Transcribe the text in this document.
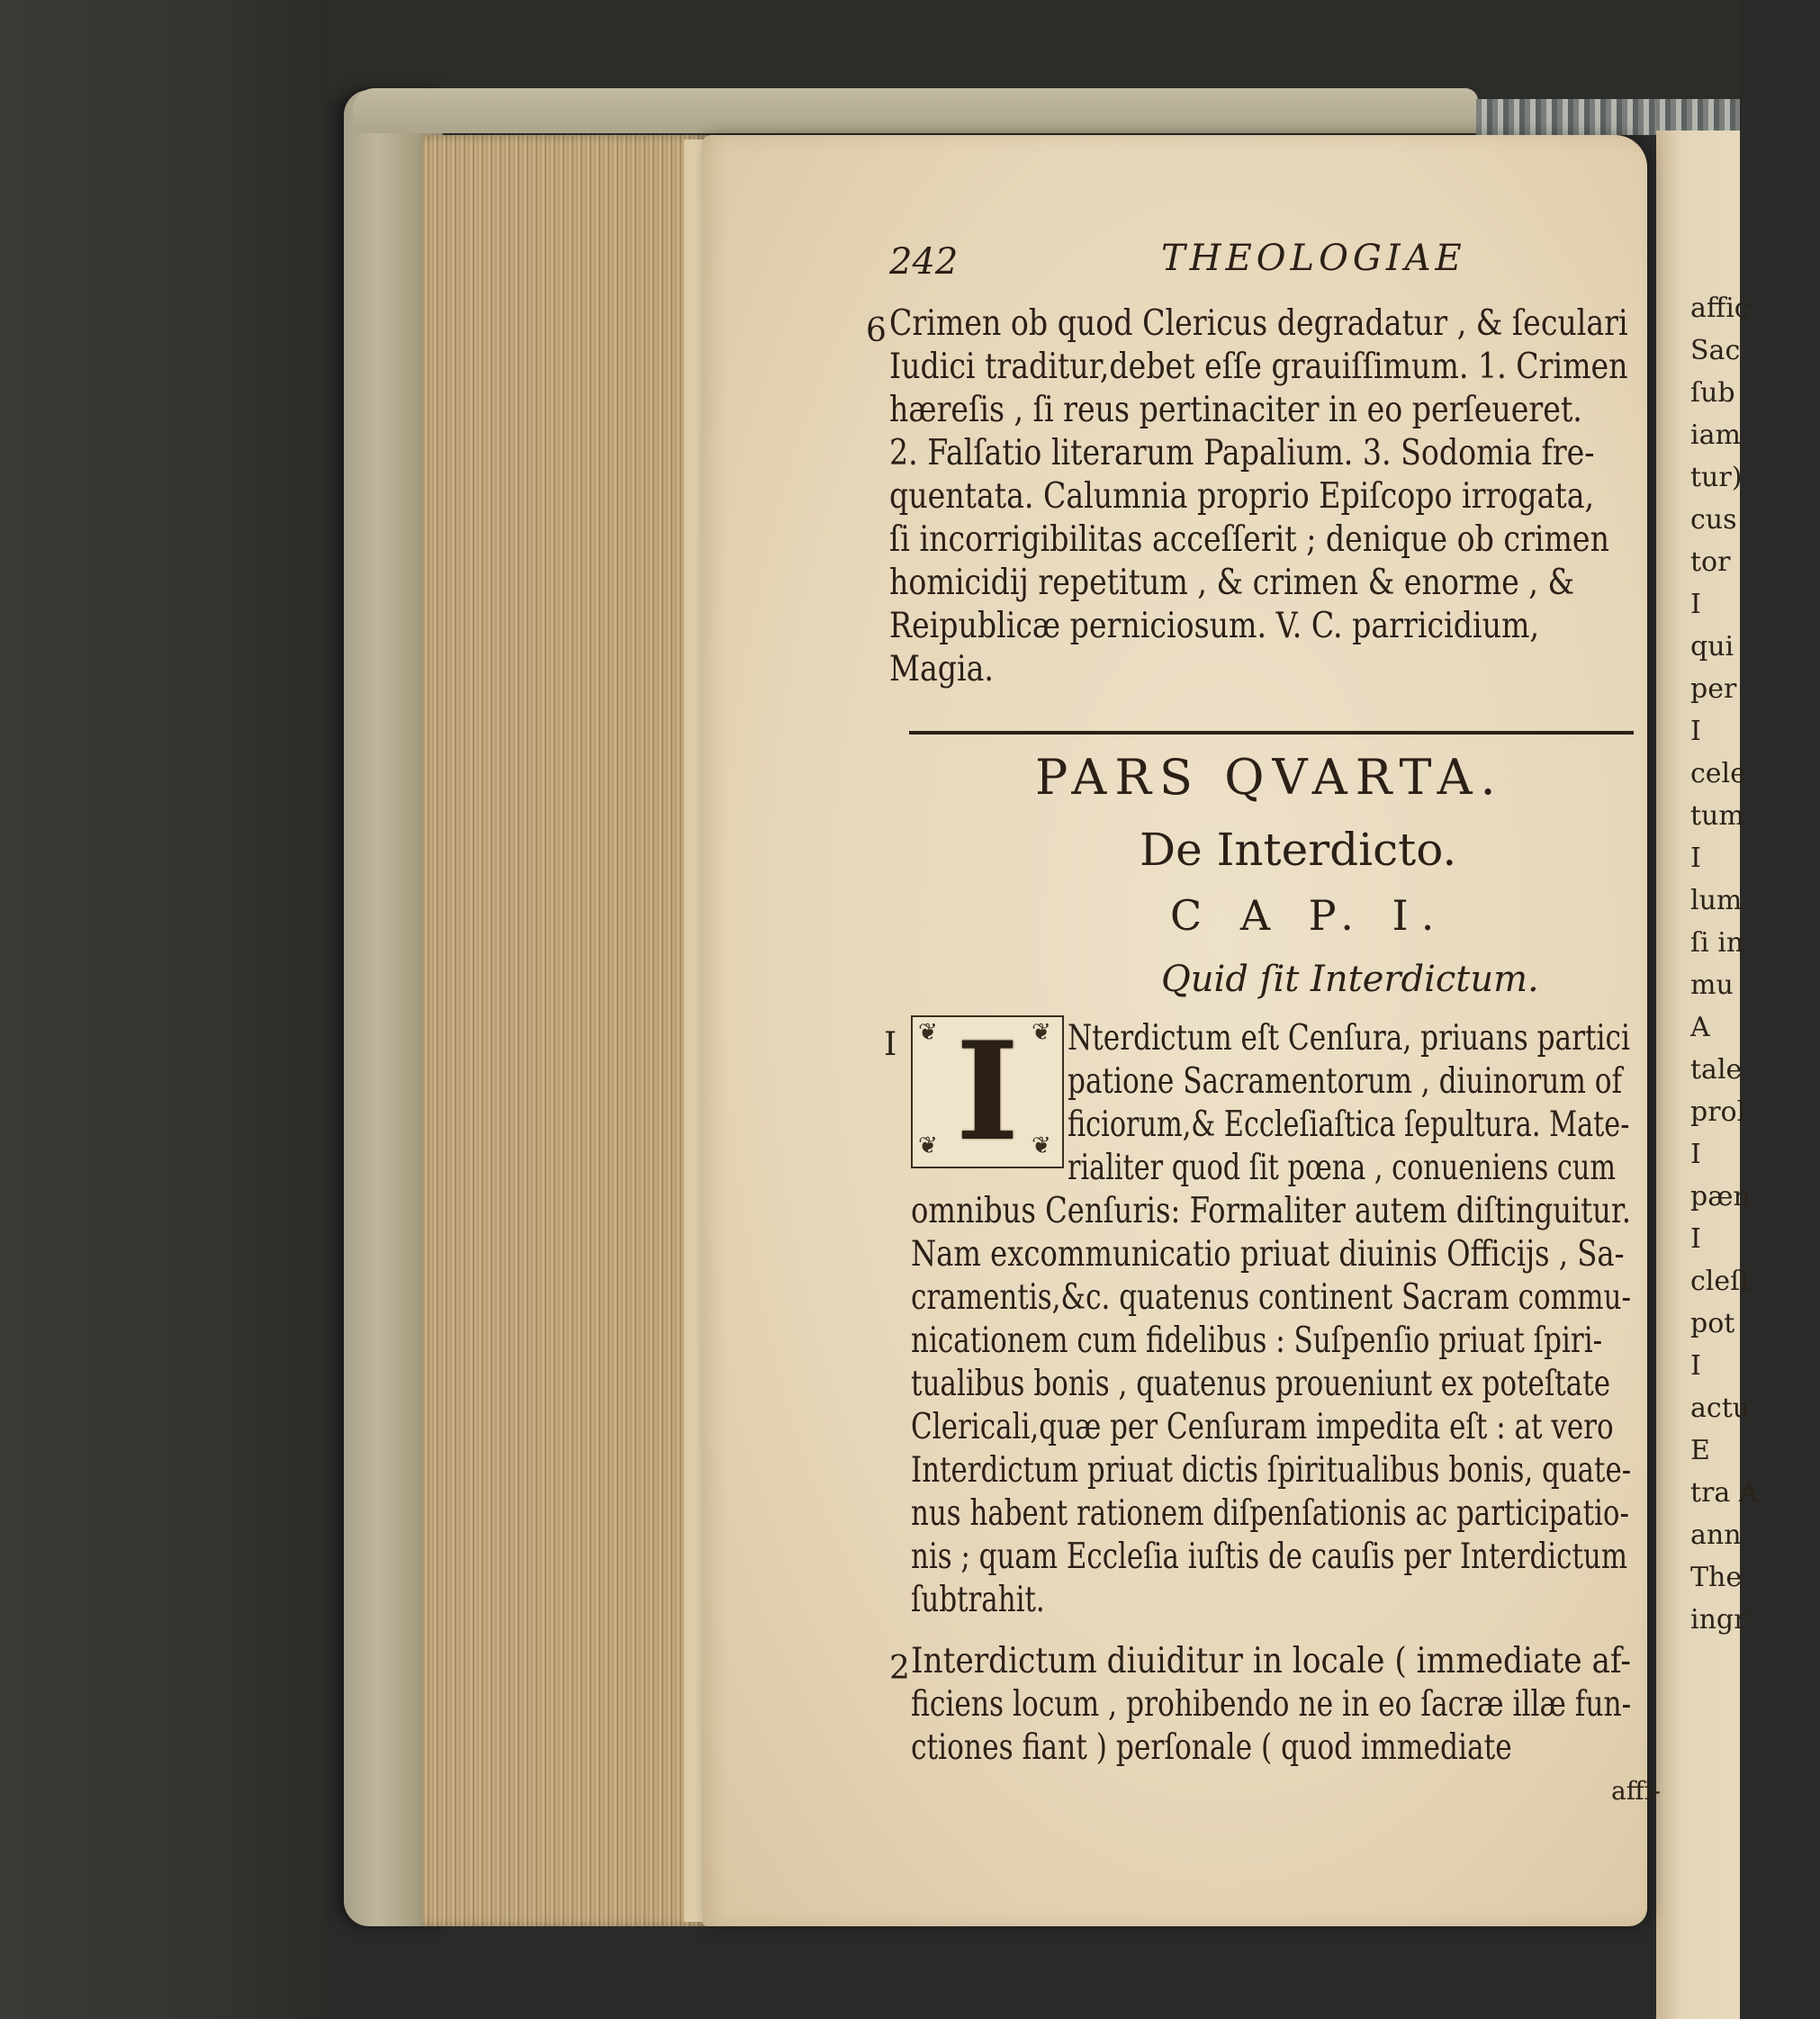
affic
Sac
ſub
iam
tur)
cus
tor
I
qui
per
I
cele
tum
I
lum
ſi in
mu
A
tale
prol
I
pæn
I
cleſi
pot
I
actu
E
tra A
ann
The
ingr
242	THEOLOGIAE
6 Crimen ob quod Clericus degradatur , & ſeculari
Iudici traditur,debet eſſe grauiſſimum. 1. Crimen
hæreſis , ſi reus pertinaciter in eo perſeueret.
2. Falſatio literarum Papalium. 3. Sodomia fre-
quentata. Calumnia proprio Epiſcopo irrogata,
ſi incorrigibilitas acceſſerit ; denique ob crimen
homicidij repetitum , & crimen & enorme , &
Reipublicæ perniciosum. V. C. parricidium,
Magia.
PARS QVARTA.
De Interdicto.
C A P. I.
Quid ſit Interdictum.
I ❦	❦
❦	❦
I	Nterdictum eſt Cenſura, priuans partici
patione Sacramentorum , diuinorum of
ficiorum,& Eccleſiaſtica ſepultura. Mate-
rialiter quod ſit pœna , conueniens cum
omnibus Cenſuris: Formaliter autem diſtinguitur.
Nam excommunicatio priuat diuinis Officijs , Sa-
cramentis,&c. quatenus continent Sacram commu-
nicationem cum fidelibus : Suſpenſio priuat ſpiri-
tualibus bonis , quatenus proueniunt ex poteſtate
Clericali,quæ per Cenſuram impedita eſt : at vero
Interdictum priuat dictis ſpiritualibus bonis, quate-
nus habent rationem diſpenſationis ac participatio-
nis ; quam Eccleſia iuſtis de cauſis per Interdictum
ſubtrahit.
2 Interdictum diuiditur in locale ( immediate af-
ficiens locum , prohibendo ne in eo ſacræ illæ fun-
ctiones fiant ) perſonale ( quod immediate
affi-
